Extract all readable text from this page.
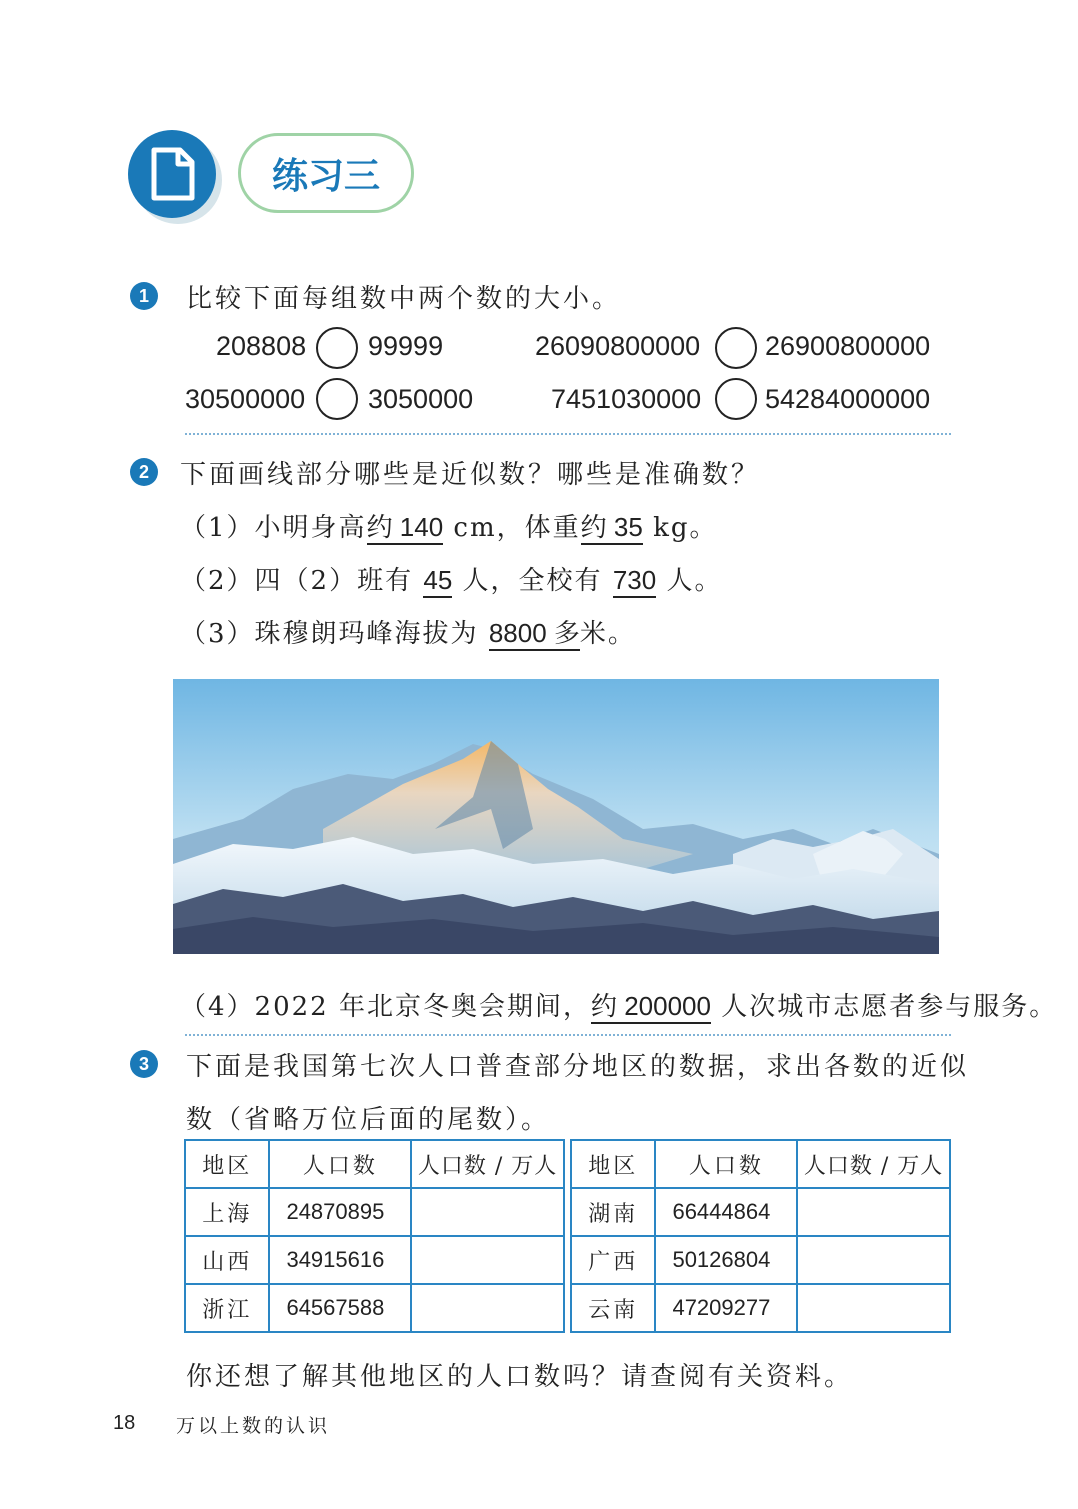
练习三
1	比较下面每组数中两个数的大小。
208808 99999	26090800000 26900800000
30500000 3050000	7451030000 54284000000
2	下面画线部分哪些是近似数？哪些是准确数？
（1）小明身高约 140 cm，体重约 35 kg。
（2）四（2）班有 45 人，全校有 730 人。
（3）珠穆朗玛峰海拔为 8800 多米。
（4）2022 年北京冬奥会期间，约 200000 人次城市志愿者参与服务。
3	下面是我国第七次人口普查部分地区的数据，求出各数的近似
数（省略万位后面的尾数）。
地区	人口数	人口数 / 万人
上海	24870895	
山西	34915616	
浙江	64567588	
地区	人口数	人口数 / 万人
湖南	66444864	
广西	50126804	
云南	47209277	
你还想了解其他地区的人口数吗？请查阅有关资料。
18 万以上数的认识
